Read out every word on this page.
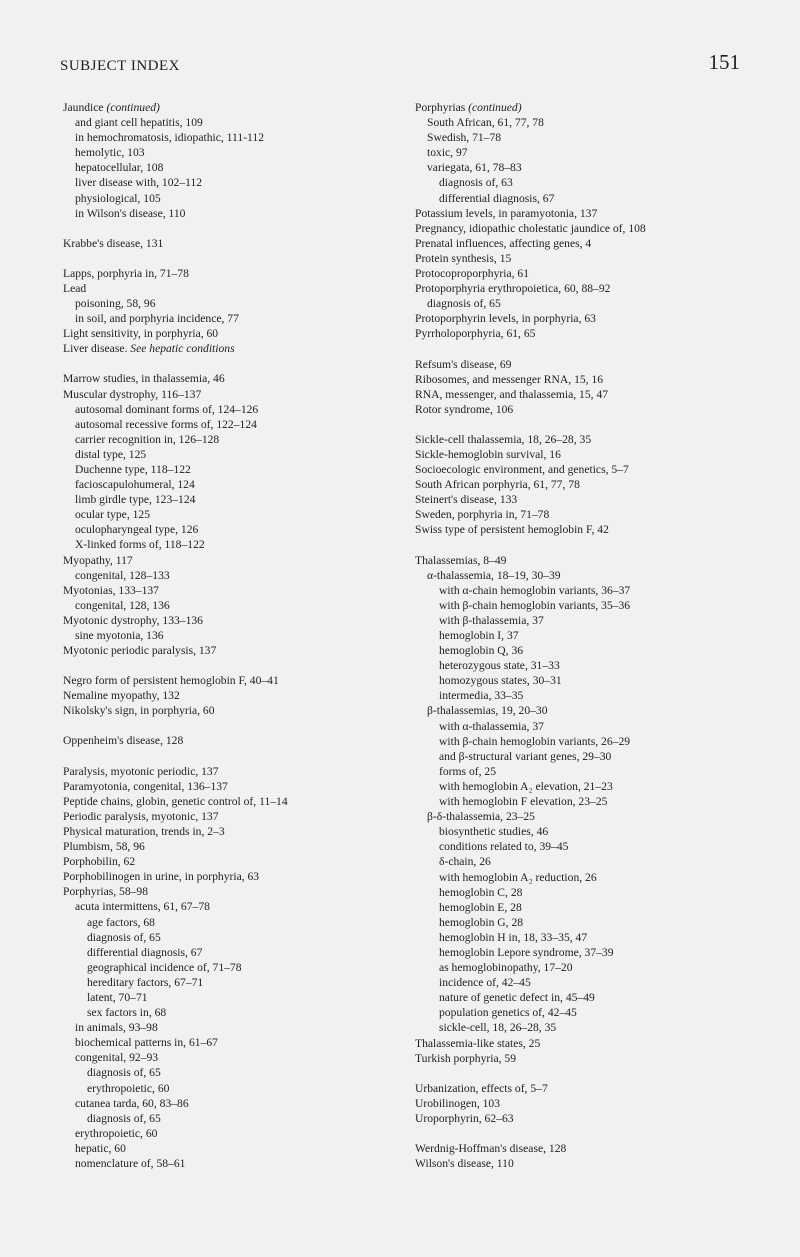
SUBJECT INDEX	151
Jaundice (continued)
and giant cell hepatitis, 109
in hemochromatosis, idiopathic, 111-112
hemolytic, 103
hepatocellular, 108
liver disease with, 102–112
physiological, 105
in Wilson's disease, 110
Krabbe's disease, 131
Lapps, porphyria in, 71–78
Lead
poisoning, 58, 96
in soil, and porphyria incidence, 77
Light sensitivity, in porphyria, 60
Liver disease. See hepatic conditions
Marrow studies, in thalassemia, 46
Muscular dystrophy, 116–137
autosomal dominant forms of, 124–126
autosomal recessive forms of, 122–124
carrier recognition in, 126–128
distal type, 125
Duchenne type, 118–122
facioscapulohumeral, 124
limb girdle type, 123–124
ocular type, 125
oculopharyngeal type, 126
X-linked forms of, 118–122
Myopathy, 117
congenital, 128–133
Myotonias, 133–137
congenital, 128, 136
Myotonic dystrophy, 133–136
sine myotonia, 136
Myotonic periodic paralysis, 137
Negro form of persistent hemoglobin F, 40–41
Nemaline myopathy, 132
Nikolsky's sign, in porphyria, 60
Oppenheim's disease, 128
Paralysis, myotonic periodic, 137
Paramyotonia, congenital, 136–137
Peptide chains, globin, genetic control of, 11–14
Periodic paralysis, myotonic, 137
Physical maturation, trends in, 2–3
Plumbism, 58, 96
Porphobilin, 62
Porphobilinogen in urine, in porphyria, 63
Porphyrias, 58–98
acuta intermittens, 61, 67–78
age factors, 68
diagnosis of, 65
differential diagnosis, 67
geographical incidence of, 71–78
hereditary factors, 67–71
latent, 70–71
sex factors in, 68
in animals, 93–98
biochemical patterns in, 61–67
congenital, 92–93
diagnosis of, 65
erythropoietic, 60
cutanea tarda, 60, 83–86
diagnosis of, 65
erythropoietic, 60
hepatic, 60
nomenclature of, 58–61
Porphyrias (continued)
South African, 61, 77, 78
Swedish, 71–78
toxic, 97
variegata, 61, 78–83
diagnosis of, 63
differential diagnosis, 67
Potassium levels, in paramyotonia, 137
Pregnancy, idiopathic cholestatic jaundice of, 108
Prenatal influences, affecting genes, 4
Protein synthesis, 15
Protocoproporphyria, 61
Protoporphyria erythropoietica, 60, 88–92
diagnosis of, 65
Protoporphyrin levels, in porphyria, 63
Pyrrholoporphyria, 61, 65
Refsum's disease, 69
Ribosomes, and messenger RNA, 15, 16
RNA, messenger, and thalassemia, 15, 47
Rotor syndrome, 106
Sickle-cell thalassemia, 18, 26–28, 35
Sickle-hemoglobin survival, 16
Socioecologic environment, and genetics, 5–7
South African porphyria, 61, 77, 78
Steinert's disease, 133
Sweden, porphyria in, 71–78
Swiss type of persistent hemoglobin F, 42
Thalassemias, 8–49
α-thalassemia, 18–19, 30–39
with α-chain hemoglobin variants, 36–37
with β-chain hemoglobin variants, 35–36
with β-thalassemia, 37
hemoglobin I, 37
hemoglobin Q, 36
heterozygous state, 31–33
homozygous states, 30–31
intermedia, 33–35
β-thalassemias, 19, 20–30
with α-thalassemia, 37
with β-chain hemoglobin variants, 26–29
and β-structural variant genes, 29–30
forms of, 25
with hemoglobin A₂ elevation, 21–23
with hemoglobin F elevation, 23–25
β-δ-thalassemia, 23–25
biosynthetic studies, 46
conditions related to, 39–45
δ-chain, 26
with hemoglobin A₂ reduction, 26
hemoglobin C, 28
hemoglobin E, 28
hemoglobin G, 28
hemoglobin H in, 18, 33–35, 47
hemoglobin Lepore syndrome, 37–39
as hemoglobinopathy, 17–20
incidence of, 42–45
nature of genetic defect in, 45–49
population genetics of, 42–45
sickle-cell, 18, 26–28, 35
Thalassemia-like states, 25
Turkish porphyria, 59
Urbanization, effects of, 5–7
Urobilinogen, 103
Uroporphyrin, 62–63
Werdnig-Hoffman's disease, 128
Wilson's disease, 110
